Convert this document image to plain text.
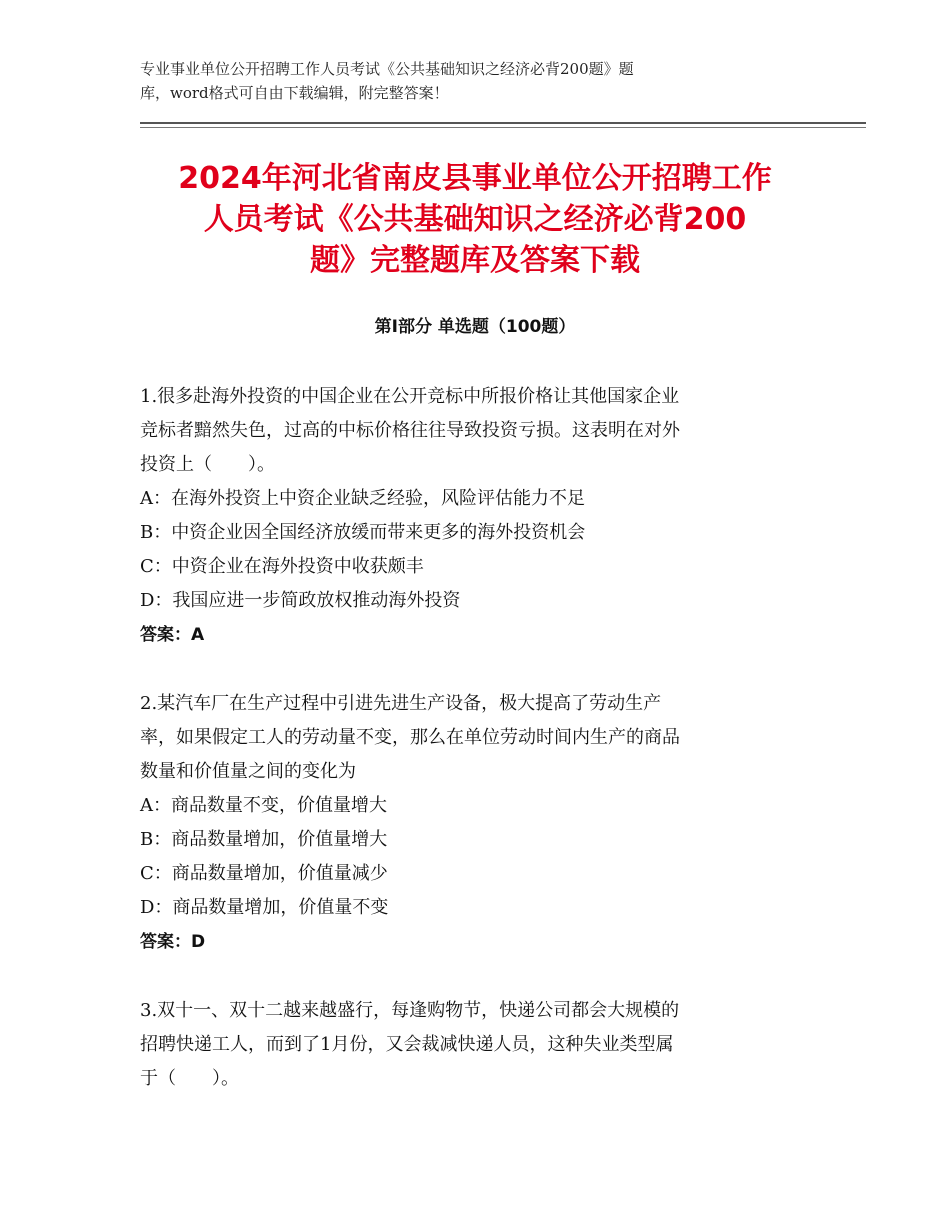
专业事业单位公开招聘工作人员考试《公共基础知识之经济必背200题》题

库，word格式可自由下载编辑，附完整答案！

2024年河北省南皮县事业单位公开招聘工作
人员考试《公共基础知识之经济必背200
题》完整题库及答案下载
第Ⅰ部分 单选题（100题）

1.很多赴海外投资的中国企业在公开竞标中所报价格让其他国家企业

竞标者黯然失色，过高的中标价格往往导致投资亏损。这表明在对外

投资上（　　）。

A：在海外投资上中资企业缺乏经验，风险评估能力不足

B：中资企业因全国经济放缓而带来更多的海外投资机会

C：中资企业在海外投资中收获颇丰

D：我国应进一步简政放权推动海外投资

答案：A

2.某汽车厂在生产过程中引进先进生产设备，极大提高了劳动生产

率，如果假定工人的劳动量不变，那么在单位劳动时间内生产的商品

数量和价值量之间的变化为

A：商品数量不变，价值量增大

B：商品数量增加，价值量增大

C：商品数量增加，价值量减少

D：商品数量增加，价值量不变

答案：D

3.双十一、双十二越来越盛行，每逢购物节，快递公司都会大规模的

招聘快递工人，而到了1月份，又会裁减快递人员，这种失业类型属

于（　　）。
